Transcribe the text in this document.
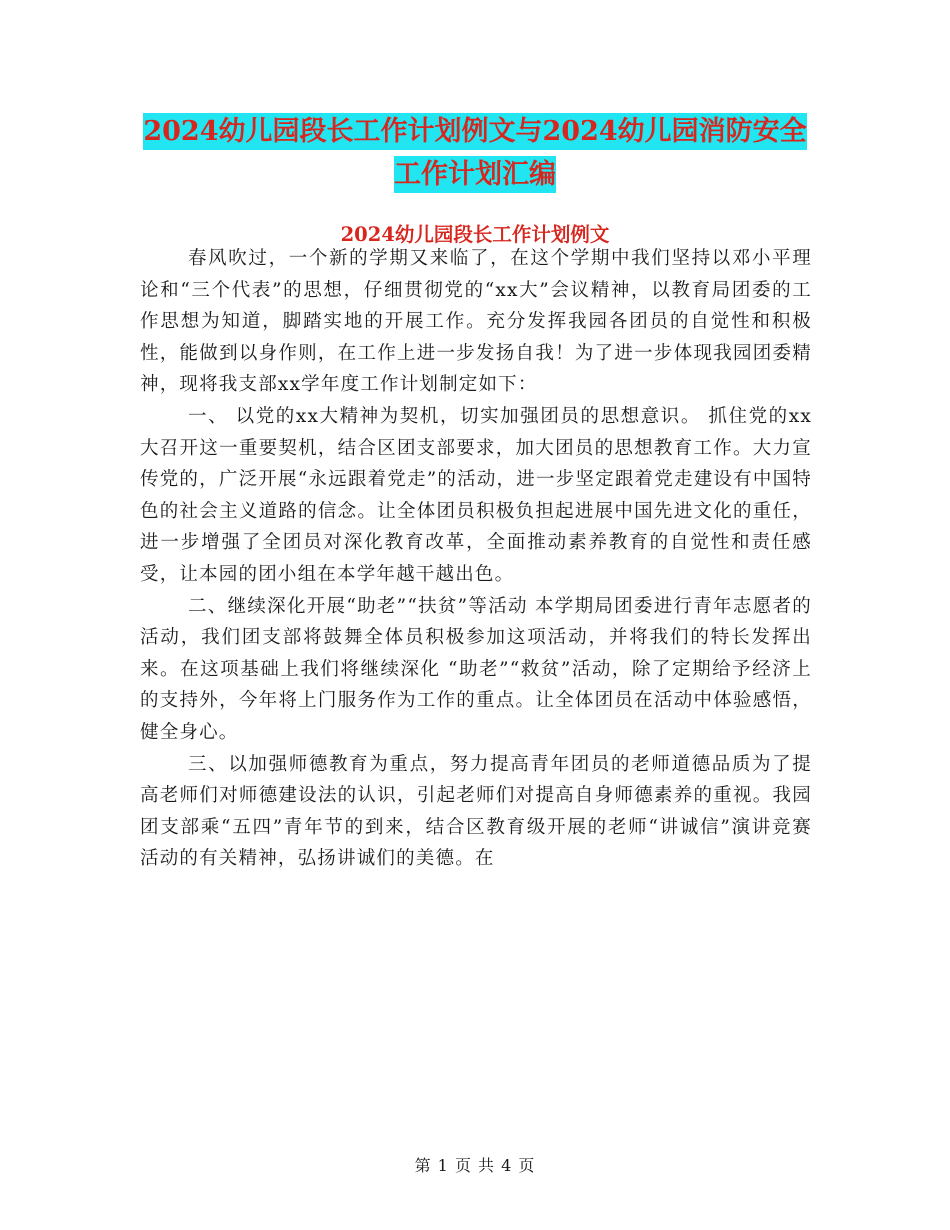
2024幼儿园段长工作计划例文与2024幼儿园消防安全
工作计划汇编
2024幼儿园段长工作计划例文

春风吹过，一个新的学期又来临了，在这个学期中我们坚持以邓小平理论和“三个代表”的思想，仔细贯彻党的“xx大”会议精神，以教育局团委的工作思想为知道，脚踏实地的开展工作。充分发挥我园各团员的自觉性和积极性，能做到以身作则，在工作上进一步发扬自我！为了进一步体现我园团委精神，现将我支部xx学年度工作计划制定如下：

一、 以党的xx大精神为契机，切实加强团员的思想意识。 抓住党的xx大召开这一重要契机，结合区团支部要求，加大团员的思想教育工作。大力宣传党的，广泛开展“永远跟着党走”的活动，进一步坚定跟着党走建设有中国特色的社会主义道路的信念。让全体团员积极负担起进展中国先进文化的重任，进一步增强了全团员对深化教育改革，全面推动素养教育的自觉性和责任感受，让本园的团小组在本学年越干越出色。

二、继续深化开展“助老”“扶贫”等活动 本学期局团委进行青年志愿者的活动，我们团支部将鼓舞全体员积极参加这项活动，并将我们的特长发挥出来。在这项基础上我们将继续深化 “助老”“救贫”活动，除了定期给予经济上的支持外，今年将上门服务作为工作的重点。让全体团员在活动中体验感悟，健全身心。

三、以加强师德教育为重点，努力提高青年团员的老师道德品质为了提高老师们对师德建设法的认识，引起老师们对提高自身师德素养的重视。我园团支部乘“五四”青年节的到来，结合区教育级开展的老师“讲诚信”演讲竞赛活动的有关精神，弘扬讲诚们的美德。在

第 1 页 共 4 页
